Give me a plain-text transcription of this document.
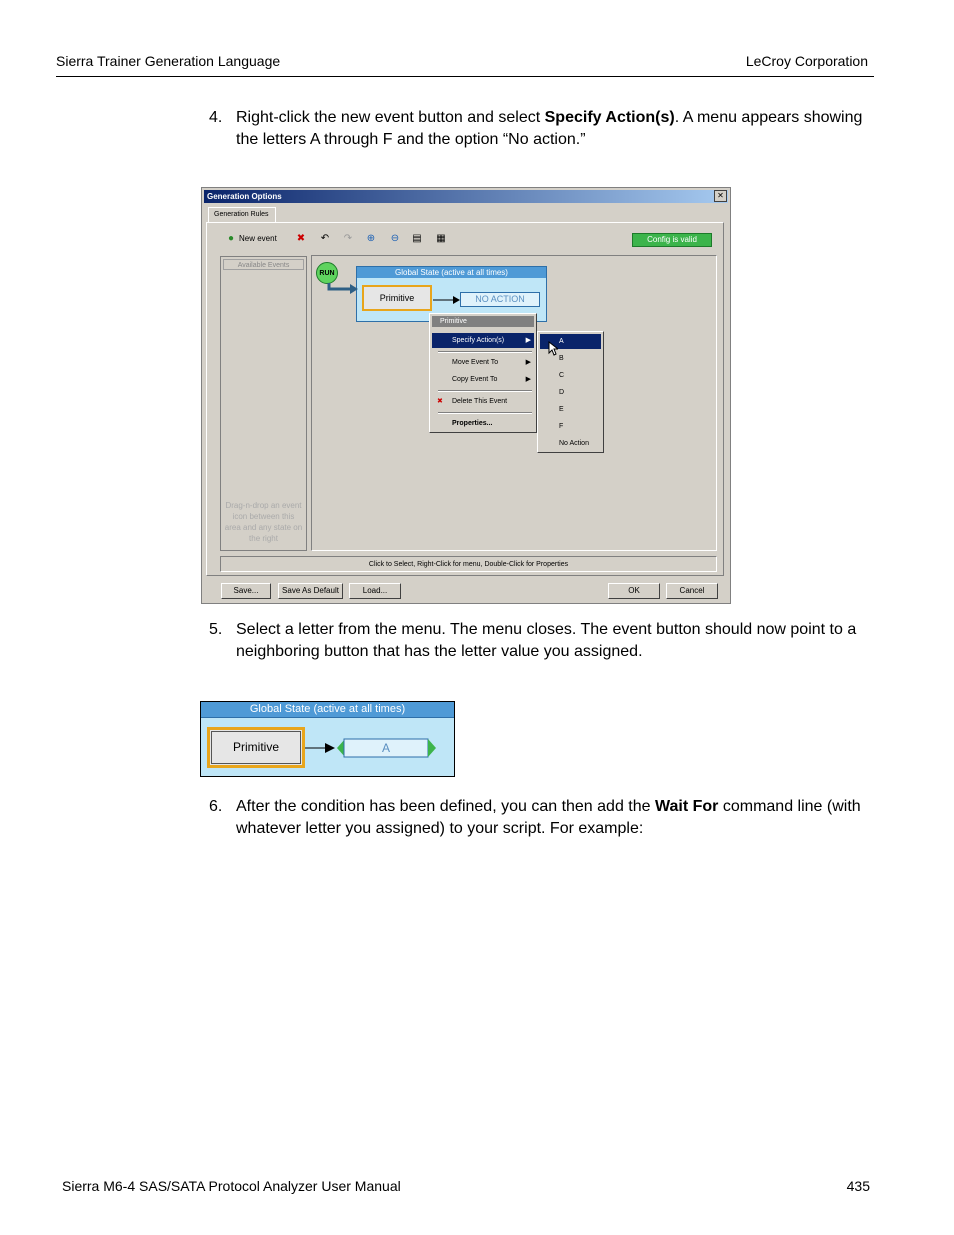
Sierra Trainer Generation Language	LeCroy Corporation
4. Right-click the new event button and select Specify Action(s). A menu appears showing the letters A through F and the option “No action.”
Generation Options	✕
Generation Rules
● New event ✖ ↶ ↷ ⊕ ⊖ ▤ ▦	Config is valid
Available Events
Drag-n-drop an event icon between this area and any state on the right
Global State (active at all times)
Primitive	NO ACTION
RUN
Primitive
Specify Action(s)	▶
Move Event To	▶
Copy Event To	▶
✖ Delete This Event
Properties...
A
B
C
D
E
F
No Action
Click to Select, Right-Click for menu, Double-Click for Properties
Save...	Save As Default	Load...	OK	Cancel
5. Select a letter from the menu. The menu closes. The event button should now point to a neighboring button that has the letter value you assigned.
Global State (active at all times)
Primitive	A
6. After the condition has been defined, you can then add the Wait For command line (with whatever letter you assigned) to your script. For example:
Sierra M6-4 SAS/SATA Protocol Analyzer User Manual	435
